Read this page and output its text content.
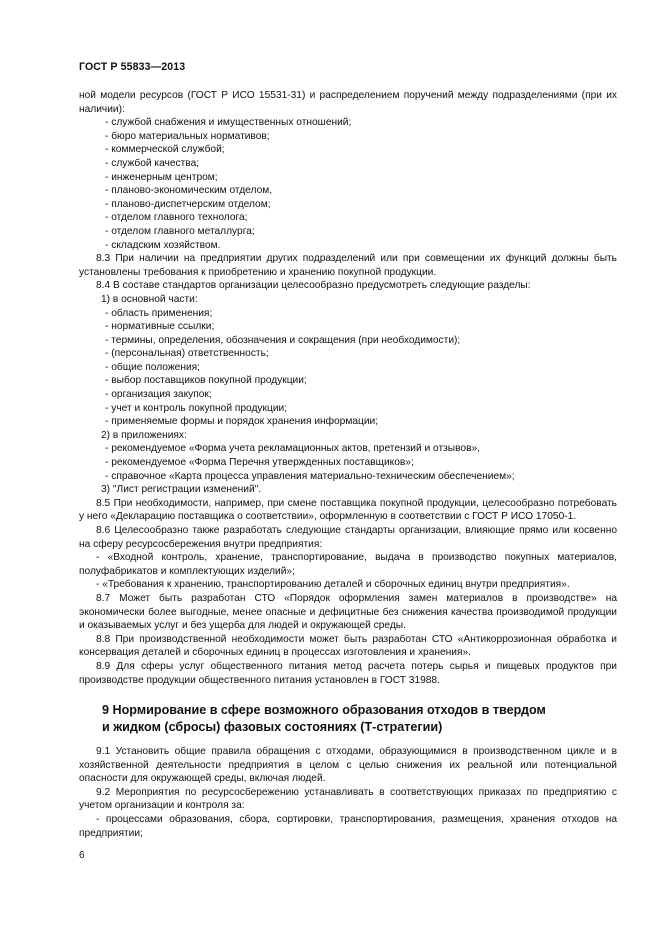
ГОСТ Р 55833—2013

ной модели ресурсов (ГОСТ Р ИСО 15531-31) и распределением поручений между подразделениями (при их наличии):

- службой снабжения и имущественных отношений;

- бюро материальных нормативов;

- коммерческой службой;

- службой качества;

- инженерным центром;

- планово-экономическим отделом,

- планово-диспетчерским отделом;

- отделом главного технолога;

- отделом главного металлурга;

- складским хозяйством.

8.3 При наличии на предприятии других подразделений или при совмещении их функций должны быть установлены требования к приобретению и хранению покупной продукции.

8.4 В составе стандартов организации целесообразно предусмотреть следующие разделы:

1) в основной части:

- область применения;

- нормативные ссылки;

- термины, определения, обозначения и сокращения (при необходимости);

- (персональная) ответственность;

- общие положения;

- выбор поставщиков покупной продукции;

- организация закупок;

- учет и контроль покупной продукции;

- применяемые формы и порядок хранения информации;

2) в приложениях:

- рекомендуемое «Форма учета рекламационных актов, претензий и отзывов»,

- рекомендуемое «Форма Перечня утвержденных поставщиков»;

- справочное «Карта процесса управления материально-техническим обеспечением»;

3) "Лист регистрации изменений".

8.5 При необходимости, например, при смене поставщика покупной продукции, целесообразно потребовать у него «Декларацию поставщика о соответствии», оформленную в соответствии с ГОСТ Р ИСО 17050-1.

8.6 Целесообразно также разработать следующие стандарты организации, влияющие прямо или косвенно на сферу ресурсосбережения внутри предприятия:

- «Входной контроль, хранение, транспортирование, выдача в производство покупных материалов, полуфабрикатов и комплектующих изделий»;

- «Требования к хранению, транспортированию деталей и сборочных единиц внутри предприятия».

8.7 Может быть разработан СТО «Порядок оформления замен материалов в производстве» на экономически более выгодные, менее опасные и дефицитные без снижения качества производимой продукции и оказываемых услуг и без ущерба для людей и окружающей среды.

8.8 При производственной необходимости может быть разработан СТО «Антикоррозионная обработка и консервация деталей и сборочных единиц в процессах изготовления и хранения».

8.9 Для сферы услуг общественного питания метод расчета потерь сырья и пищевых продуктов при производстве продукции общественного питания установлен в ГОСТ 31988.

9 Нормирование в сфере возможного образования отходов в твердом
и жидком (сбросы) фазовых состояниях (Т-стратегии)

9.1 Установить общие правила обращения с отходами, образующимися в производственном цикле и в хозяйственной деятельности предприятия в целом с целью снижения их реальной или потенциальной опасности для окружающей среды, включая людей.

9.2 Мероприятия по ресурсосбережению устанавливать в соответствующих приказах по предприятию с учетом организации и контроля за:

- процессами образования, сбора, сортировки, транспортирования, размещения, хранения отходов на предприятии;

6
